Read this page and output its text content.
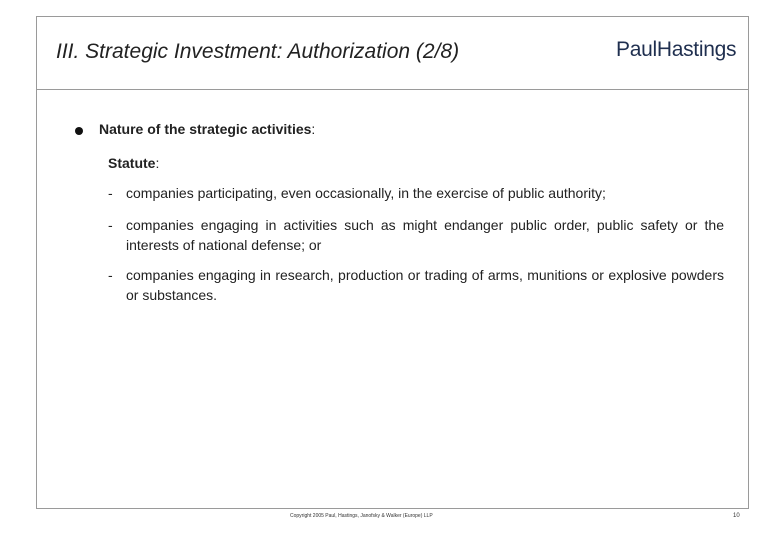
III. Strategic Investment: Authorization (2/8)	PaulHastings
Nature of the strategic activities:
Statute:
- companies participating, even occasionally, in the exercise of public authority;
- companies engaging in activities such as might endanger public order, public safety or the interests of national defense; or
- companies engaging in research, production or trading of arms, munitions or explosive powders or substances.
Copyright 2005 Paul, Hastings, Janofsky & Walker (Europe) LLP	10
